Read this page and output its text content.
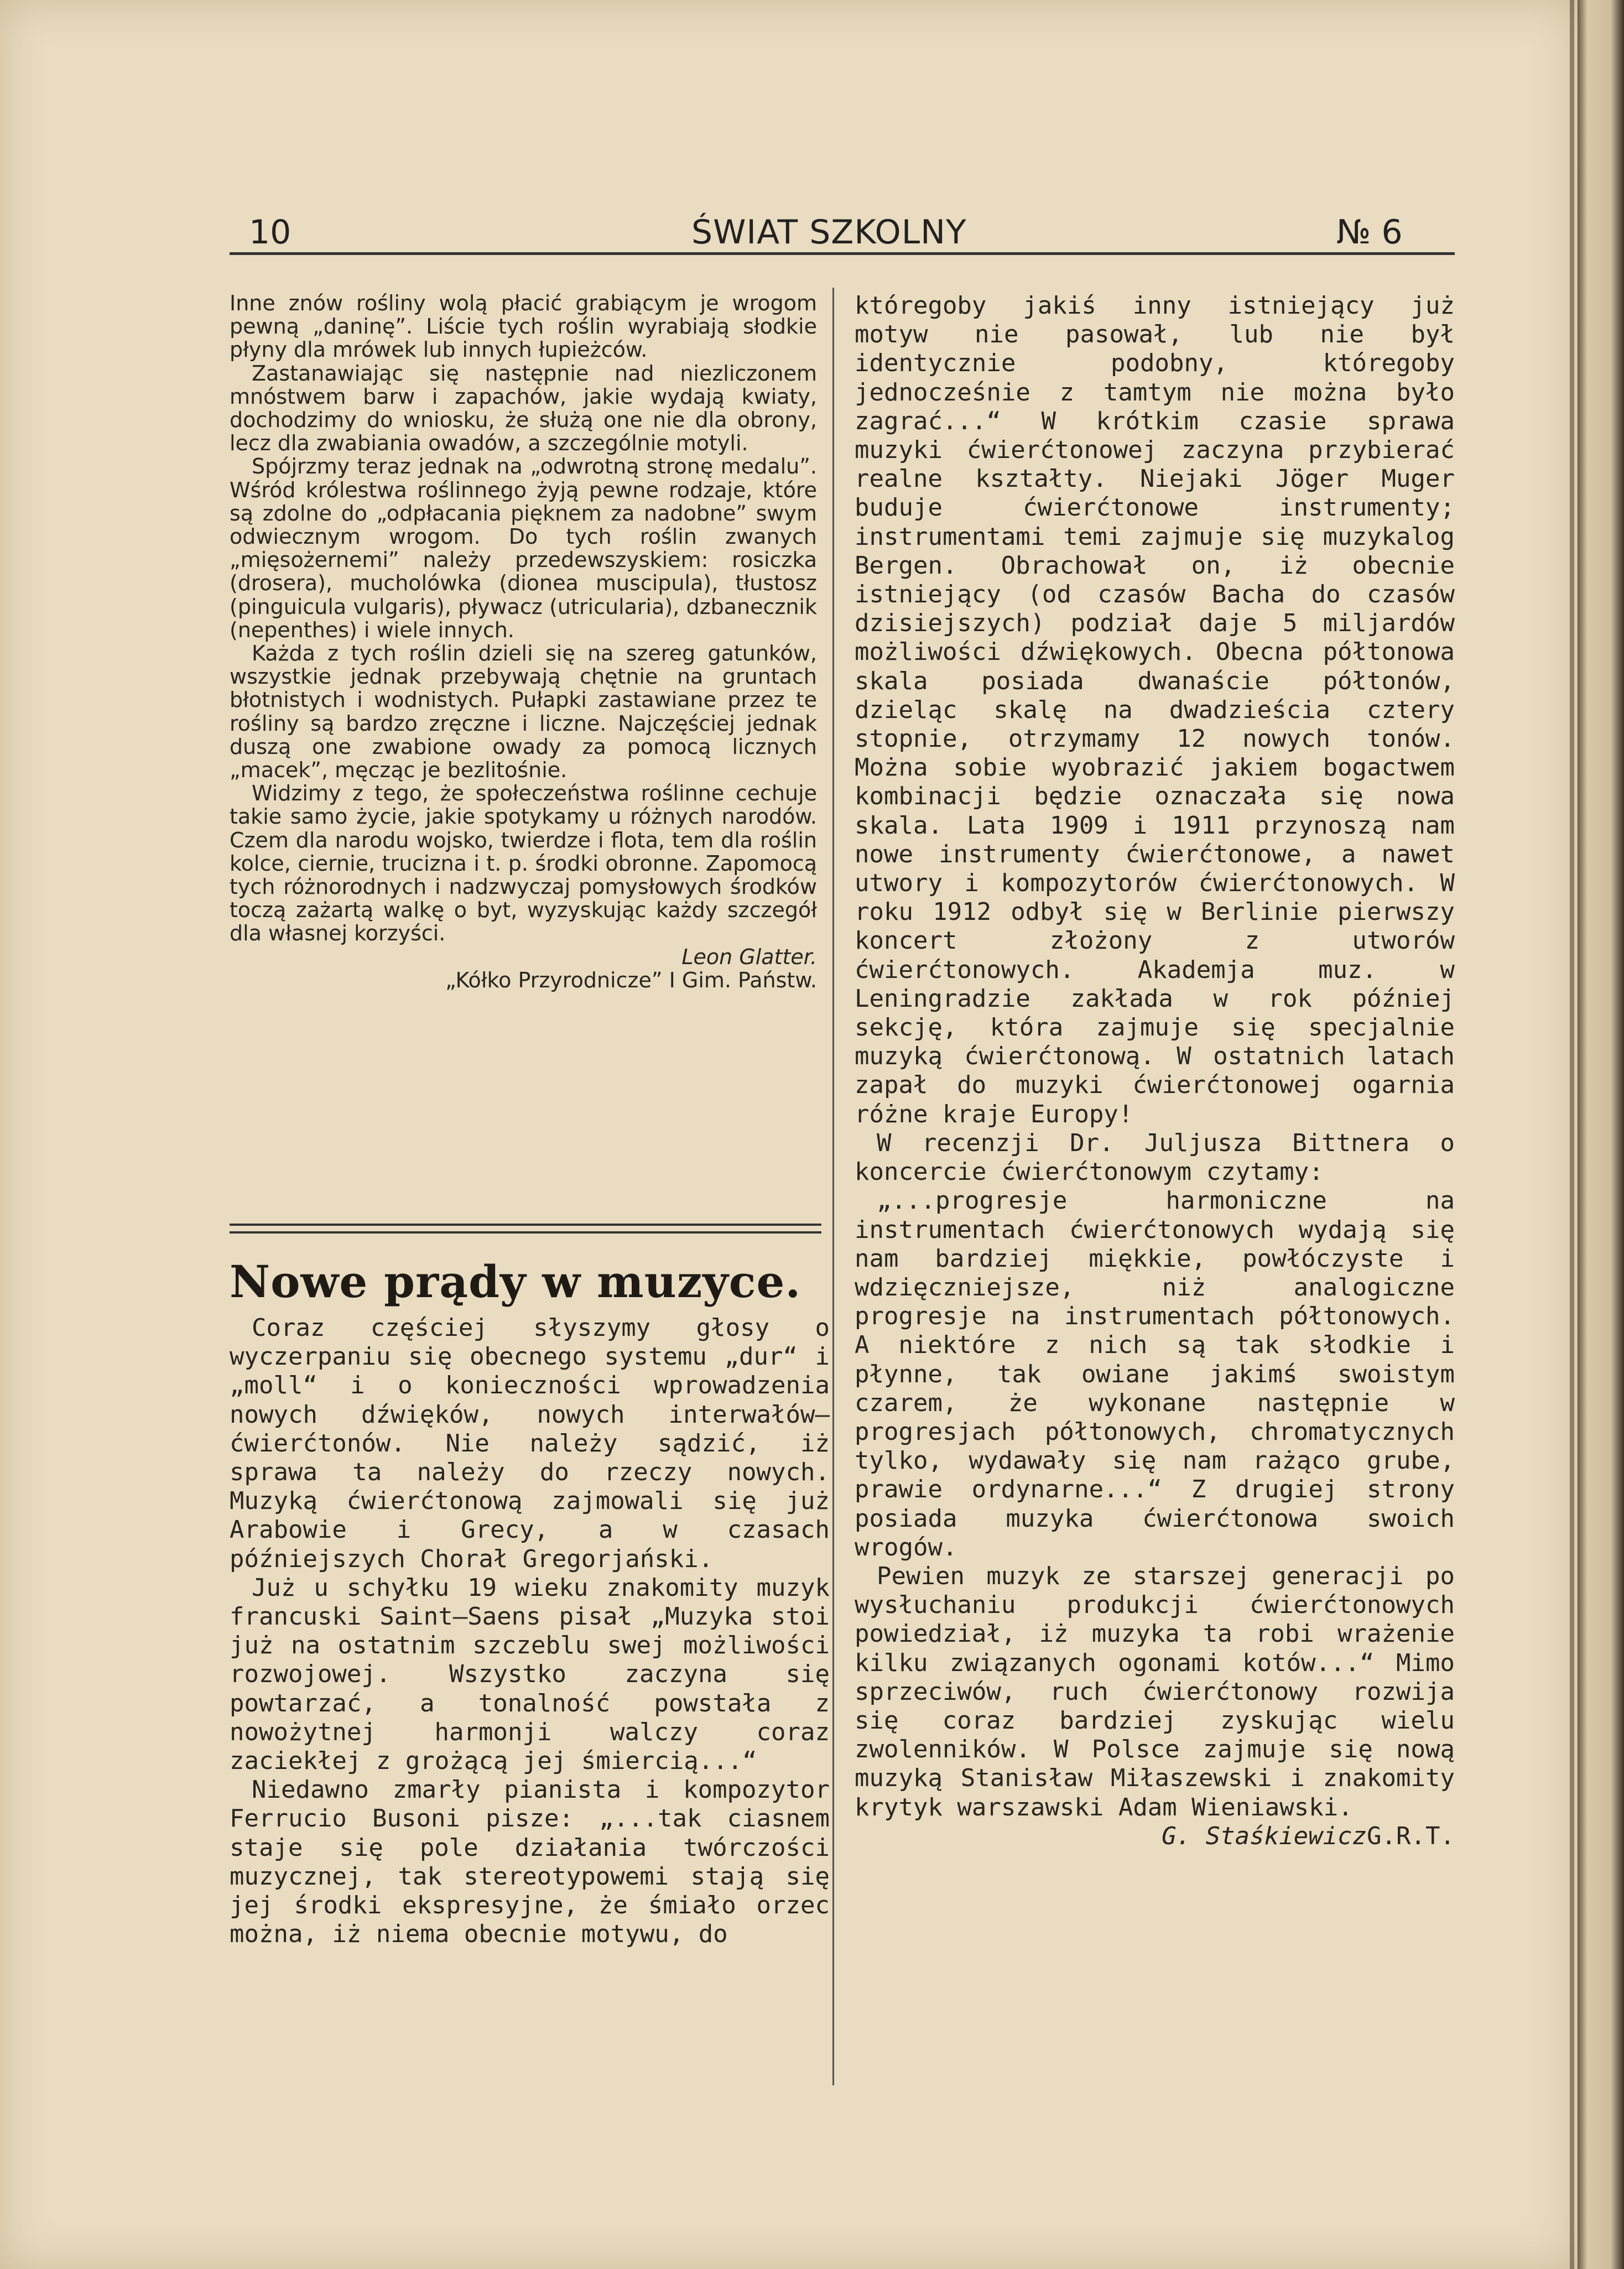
10	ŚWIAT SZKOLNY	№ 6

Inne znów rośliny wolą płacić grabiącym je wrogom pewną „daninę”. Liście tych roślin wyrabiają słodkie płyny dla mrówek lub innych łupieżców.

Zastanawiając się następnie nad niezliczonem mnóstwem barw i zapachów, jakie wydają kwiaty, dochodzimy do wniosku, że służą one nie dla obrony, lecz dla zwabiania owadów, a szczególnie motyli.

Spójrzmy teraz jednak na „odwrotną stronę medalu”. Wśród królestwa roślinnego żyją pewne rodzaje, które są zdolne do „odpłacania pięknem za nadobne” swym odwiecznym wrogom. Do tych roślin zwanych „mięsożernemi” należy przedewszyskiem: rosiczka (drosera), mucholówka (dionea muscipula), tłustosz (pinguicula vulgaris), pływacz (utricularia), dzbanecznik (nepenthes) i wiele innych.

Każda z tych roślin dzieli się na szereg gatunków, wszystkie jednak przebywają chętnie na gruntach błotnistych i wodnistych. Pułapki zastawiane przez te rośliny są bardzo zręczne i liczne. Najczęściej jednak duszą one zwabione owady za pomocą licznych „macek”, męcząc je bezlitośnie.

Widzimy z tego, że społeczeństwa roślinne cechuje takie samo życie, jakie spotykamy u różnych narodów. Czem dla narodu wojsko, twierdze i flota, tem dla roślin kolce, ciernie, trucizna i t. p. środki obronne. Zapomocą tych różnorodnych i nadzwyczaj pomysłowych środków toczą zażartą walkę o byt, wyzyskując każdy szczegół dla własnej korzyści.

Leon Glatter.
„Kółko Przyrodnicze” I Gim. Państw.
Nowe prądy w muzyce.

Coraz częściej słyszymy głosy o wyczerpaniu się obecnego systemu „dur“ i „moll“ i o konieczności wprowadzenia nowych dźwięków, nowych interwałów—ćwierćtonów. Nie należy sądzić, iż sprawa ta należy do rzeczy nowych. Muzyką ćwierćtonową zajmowali się już Arabowie i Grecy, a w czasach późniejszych Chorał Gregorjański.

Już u schyłku 19 wieku znakomity muzyk francuski Saint—Saens pisał „Muzyka stoi już na ostatnim szczeblu swej możliwości rozwojowej. Wszystko zaczyna się powtarzać, a tonalność powstała z nowożytnej harmonji walczy coraz zaciekłej z grożącą jej śmiercią...“

Niedawno zmarły pianista i kompozytor Ferrucio Busoni pisze: „...tak ciasnem staje się pole działania twórczości muzycznej, tak stereotypowemi stają się jej środki ekspresyjne, że śmiało orzec można, iż niema obecnie motywu, do

któregoby jakiś inny istniejący już motyw nie pasował, lub nie był identycznie podobny, któregoby jednocześnie z tamtym nie można było zagrać...“ W krótkim czasie sprawa muzyki ćwierćtonowej zaczyna przybierać realne kształty. Niejaki Jöger Muger buduje ćwierćtonowe instrumenty; instrumentami temi zajmuje się muzykalog Bergen. Obrachował on, iż obecnie istniejący (od czasów Bacha do czasów dzisiejszych) podział daje 5 miljardów możliwości dźwiękowych. Obecna półtonowa skala posiada dwanaście półtonów, dzieląc skalę na dwadzieścia cztery stopnie, otrzymamy 12 nowych tonów. Można sobie wyobrazić jakiem bogactwem kombinacji będzie oznaczała się nowa skala. Lata 1909 i 1911 przynoszą nam nowe instrumenty ćwierćtonowe, a nawet utwory i kompozytorów ćwierćtonowych. W roku 1912 odbył się w Berlinie pierwszy koncert złożony z utworów ćwierćtonowych. Akademja muz. w Leningradzie zakłada w rok później sekcję, która zajmuje się specjalnie muzyką ćwierćtonową. W ostatnich latach zapał do muzyki ćwierćtonowej ogarnia różne kraje Europy!

W recenzji Dr. Juljusza Bittnera o koncercie ćwierćtonowym czytamy:

„...progresje harmoniczne na instrumentach ćwierćtonowych wydają się nam bardziej miękkie, powłóczyste i wdzięczniejsze, niż analogiczne progresje na instrumentach półtonowych. A niektóre z nich są tak słodkie i płynne, tak owiane jakimś swoistym czarem, że wykonane następnie w progresjach półtonowych, chromatycznych tylko, wydawały się nam rażąco grube, prawie ordynarne...“ Z drugiej strony posiada muzyka ćwierćtonowa swoich wrogów.

Pewien muzyk ze starszej generacji po wysłuchaniu produkcji ćwierćtonowych powiedział, iż muzyka ta robi wrażenie kilku związanych ogonami kotów...“ Mimo sprzeciwów, ruch ćwierćtonowy rozwija się coraz bardziej zyskując wielu zwolenników. W Polsce zajmuje się nową muzyką Stanisław Miłaszewski i znakomity krytyk warszawski Adam Wieniawski.

G. StaśkiewiczG.R.T.
